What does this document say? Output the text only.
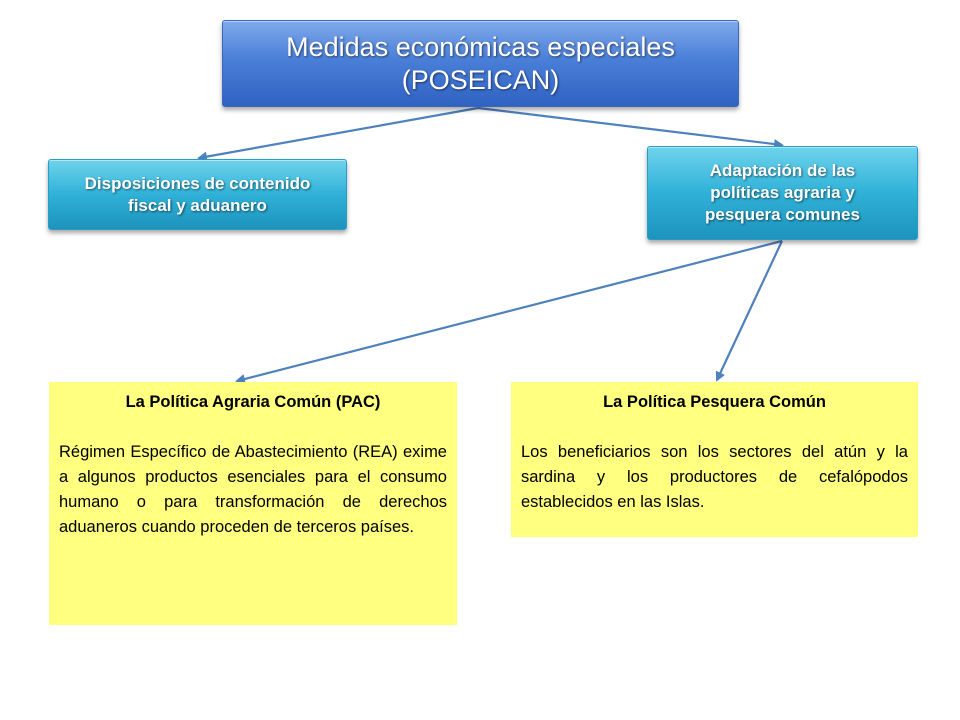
Medidas económicas especiales
(POSEICAN)
Disposiciones de contenido
fiscal y aduanero
Adaptación de las
políticas agraria y
pesquera comunes
La Política Agraria Común (PAC)

Régimen Específico de Abastecimiento (REA) exime a algunos productos esenciales para el consumo humano o para transformación de derechos aduaneros cuando proceden de terceros países.

La Política Pesquera Común

Los beneficiarios son los sectores del atún y la sardina y los productores de cefalópodos establecidos en las Islas.
